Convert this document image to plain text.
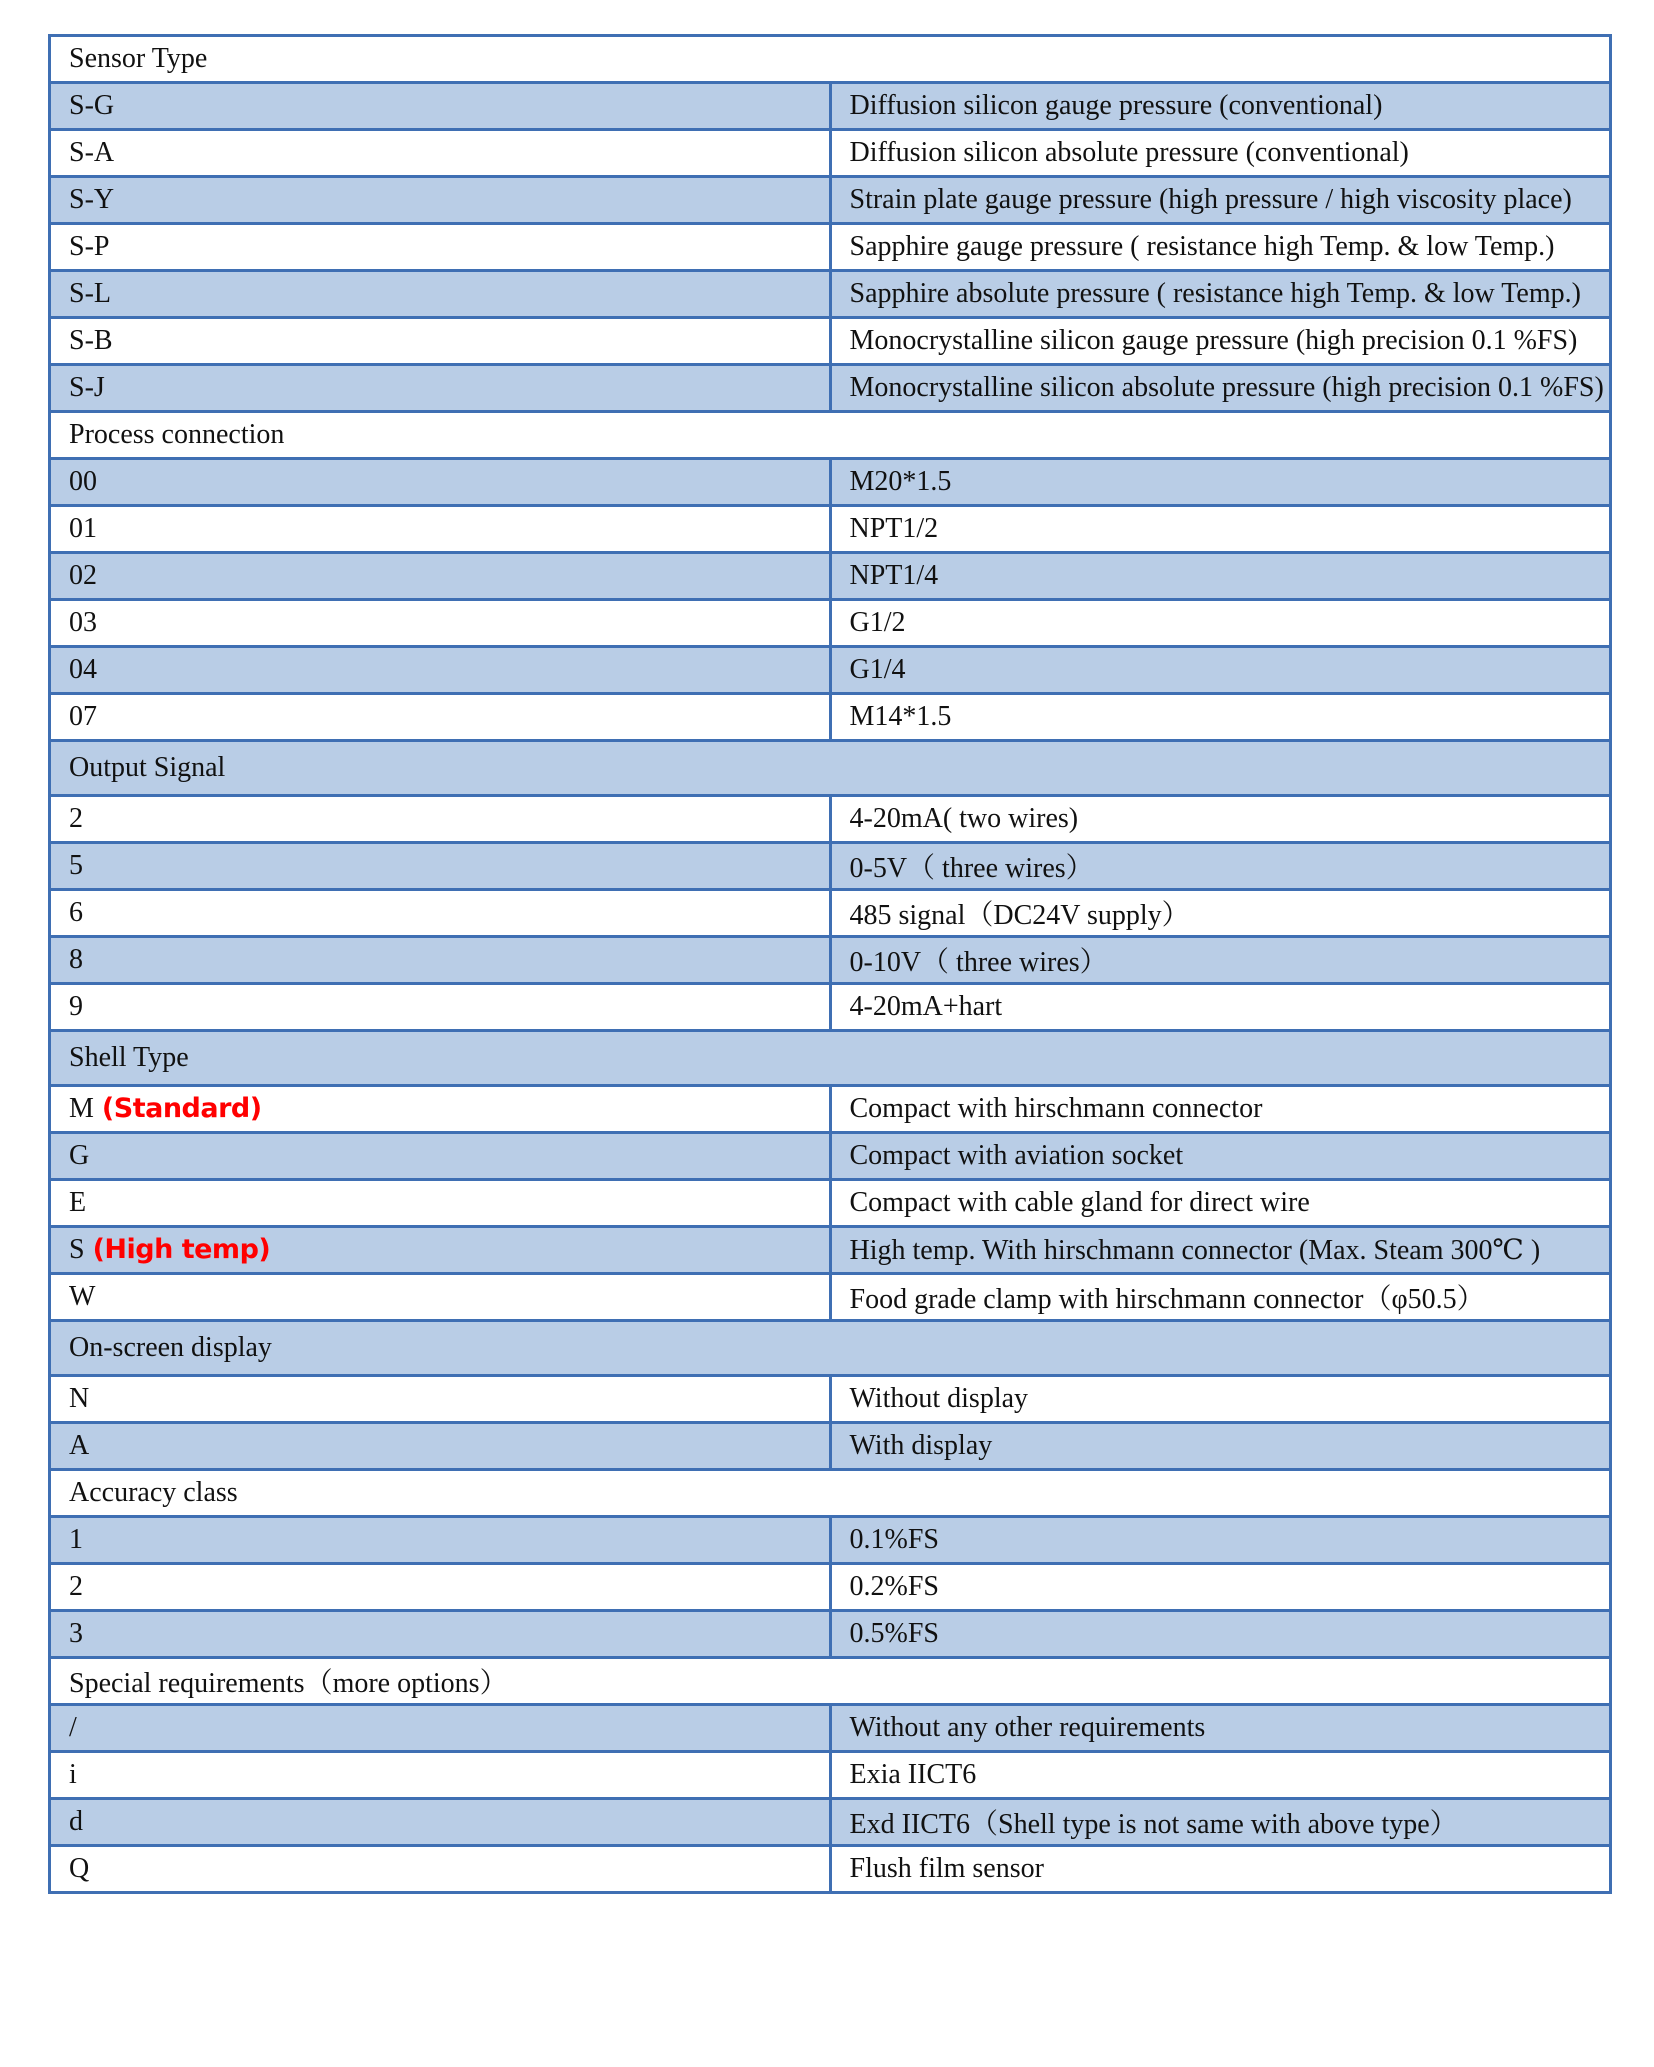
Sensor Type	
S-G	Diffusion silicon gauge pressure (conventional)
S-A	Diffusion silicon absolute pressure (conventional)
S-Y	Strain plate gauge pressure (high pressure / high viscosity place)
S-P	Sapphire gauge pressure ( resistance high Temp. & low Temp.)
S-L	Sapphire absolute pressure ( resistance high Temp. & low Temp.)
S-B	Monocrystalline silicon gauge pressure (high precision 0.1 %FS)
S-J	Monocrystalline silicon absolute pressure (high precision 0.1 %FS)
Process connection	
00	M20*1.5
01	NPT1/2
02	NPT1/4
03	G1/2
04	G1/4
07	M14*1.5
Output Signal	
2	4-20mA( two wires)
5	0-5V（ three wires）
6	485 signal（DC24V supply）
8	0-10V（ three wires）
9	4-20mA+hart
Shell Type	
M (Standard)	Compact with hirschmann connector
G	Compact with aviation socket
E	Compact with cable gland for direct wire
S (High temp)	High temp. With hirschmann connector (Max. Steam 300℃ )
W	Food grade clamp with hirschmann connector（φ50.5）
On-screen display	
N	Without display
A	With display
Accuracy class	
1	0.1%FS
2	0.2%FS
3	0.5%FS
Special requirements（more options）	
/	Without any other requirements
i	Exia IICT6
d	Exd IICT6（Shell type is not same with above type）
Q	Flush film sensor
